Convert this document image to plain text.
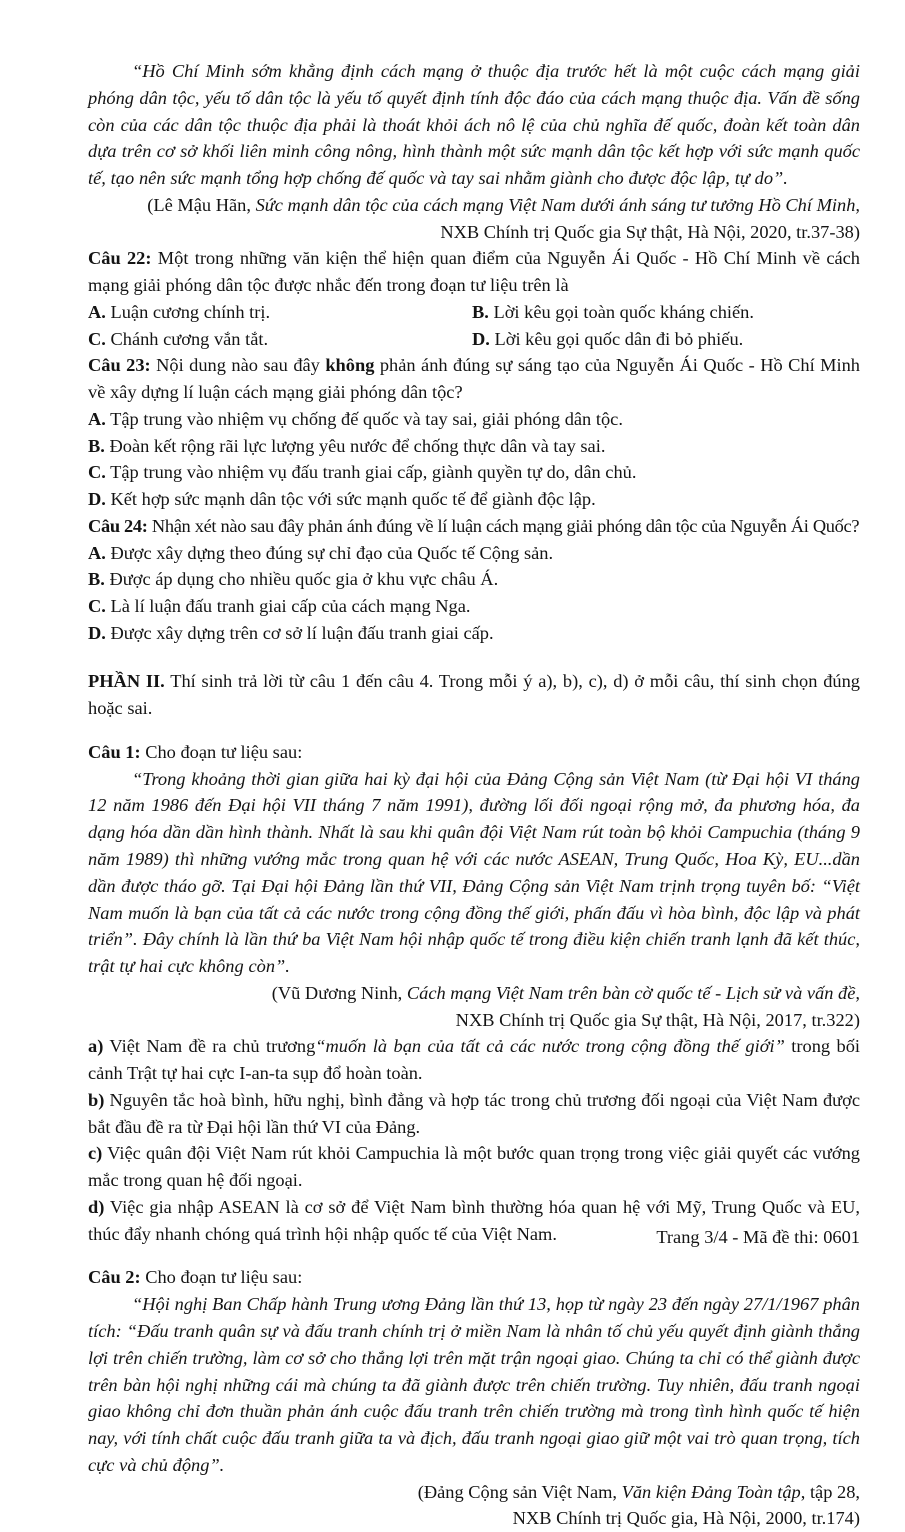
“Hồ Chí Minh sớm khẳng định cách mạng ở thuộc địa trước hết là một cuộc cách mạng giải phóng dân tộc, yếu tố dân tộc là yếu tố quyết định tính độc đáo của cách mạng thuộc địa. Vấn đề sống còn của các dân tộc thuộc địa phải là thoát khỏi ách nô lệ của chủ nghĩa đế quốc, đoàn kết toàn dân dựa trên cơ sở khối liên minh công nông, hình thành một sức mạnh dân tộc kết hợp với sức mạnh quốc tế, tạo nên sức mạnh tổng hợp chống đế quốc và tay sai nhằm giành cho được độc lập, tự do”.

(Lê Mậu Hãn, Sức mạnh dân tộc của cách mạng Việt Nam dưới ánh sáng tư tưởng Hồ Chí Minh,

NXB Chính trị Quốc gia Sự thật, Hà Nội, 2020, tr.37-38)

Câu 22: Một trong những văn kiện thể hiện quan điểm của Nguyễn Ái Quốc - Hồ Chí Minh về cách mạng giải phóng dân tộc được nhắc đến trong đoạn tư liệu trên là

A. Luận cương chính trị.	B. Lời kêu gọi toàn quốc kháng chiến.
C. Chánh cương vắn tắt.	D. Lời kêu gọi quốc dân đi bỏ phiếu.

Câu 23: Nội dung nào sau đây không phản ánh đúng sự sáng tạo của Nguyễn Ái Quốc - Hồ Chí Minh về xây dựng lí luận cách mạng giải phóng dân tộc?

A. Tập trung vào nhiệm vụ chống đế quốc và tay sai, giải phóng dân tộc.

B. Đoàn kết rộng rãi lực lượng yêu nước để chống thực dân và tay sai.

C. Tập trung vào nhiệm vụ đấu tranh giai cấp, giành quyền tự do, dân chủ.

D. Kết hợp sức mạnh dân tộc với sức mạnh quốc tế để giành độc lập.

Câu 24: Nhận xét nào sau đây phản ánh đúng về lí luận cách mạng giải phóng dân tộc của Nguyễn Ái Quốc?

A. Được xây dựng theo đúng sự chỉ đạo của Quốc tế Cộng sản.

B. Được áp dụng cho nhiều quốc gia ở khu vực châu Á.

C. Là lí luận đấu tranh giai cấp của cách mạng Nga.

D. Được xây dựng trên cơ sở lí luận đấu tranh giai cấp.

PHẦN II. Thí sinh trả lời từ câu 1 đến câu 4. Trong mỗi ý a), b), c), d) ở mỗi câu, thí sinh chọn đúng hoặc sai.

Câu 1: Cho đoạn tư liệu sau:

“Trong khoảng thời gian giữa hai kỳ đại hội của Đảng Cộng sản Việt Nam (từ Đại hội VI tháng 12 năm 1986 đến Đại hội VII tháng 7 năm 1991), đường lối đối ngoại rộng mở, đa phương hóa, đa dạng hóa dần dần hình thành. Nhất là sau khi quân đội Việt Nam rút toàn bộ khỏi Campuchia (tháng 9 năm 1989) thì những vướng mắc trong quan hệ với các nước ASEAN, Trung Quốc, Hoa Kỳ, EU...dần dần được tháo gỡ. Tại Đại hội Đảng lần thứ VII, Đảng Cộng sản Việt Nam trịnh trọng tuyên bố: “Việt Nam muốn là bạn của tất cả các nước trong cộng đồng thế giới, phấn đấu vì hòa bình, độc lập và phát triển”. Đây chính là lần thứ ba Việt Nam hội nhập quốc tế trong điều kiện chiến tranh lạnh đã kết thúc, trật tự hai cực không còn”.

(Vũ Dương Ninh, Cách mạng Việt Nam trên bàn cờ quốc tế - Lịch sử và vấn đề,

NXB Chính trị Quốc gia Sự thật, Hà Nội, 2017, tr.322)

a) Việt Nam đề ra chủ trương“muốn là bạn của tất cả các nước trong cộng đồng thế giới” trong bối cảnh Trật tự hai cực I-an-ta sụp đổ hoàn toàn.

b) Nguyên tắc hoà bình, hữu nghị, bình đẳng và hợp tác trong chủ trương đối ngoại của Việt Nam được bắt đầu đề ra từ Đại hội lần thứ VI của Đảng.

c) Việc quân đội Việt Nam rút khỏi Campuchia là một bước quan trọng trong việc giải quyết các vướng mắc trong quan hệ đối ngoại.

d) Việc gia nhập ASEAN là cơ sở để Việt Nam bình thường hóa quan hệ với Mỹ, Trung Quốc và EU, thúc đẩy nhanh chóng quá trình hội nhập quốc tế của Việt Nam.

Câu 2: Cho đoạn tư liệu sau:

“Hội nghị Ban Chấp hành Trung ương Đảng lần thứ 13, họp từ ngày 23 đến ngày 27/1/1967 phân tích: “Đấu tranh quân sự và đấu tranh chính trị ở miền Nam là nhân tố chủ yếu quyết định giành thắng lợi trên chiến trường, làm cơ sở cho thắng lợi trên mặt trận ngoại giao. Chúng ta chỉ có thể giành được trên bàn hội nghị những cái mà chúng ta đã giành được trên chiến trường. Tuy nhiên, đấu tranh ngoại giao không chỉ đơn thuần phản ánh cuộc đấu tranh trên chiến trường mà trong tình hình quốc tế hiện nay, với tính chất cuộc đấu tranh giữa ta và địch, đấu tranh ngoại giao giữ một vai trò quan trọng, tích cực và chủ động”.

(Đảng Cộng sản Việt Nam, Văn kiện Đảng Toàn tập, tập 28,

NXB Chính trị Quốc gia, Hà Nội, 2000, tr.174)

Trang 3/4 - Mã đề thi: 0601
